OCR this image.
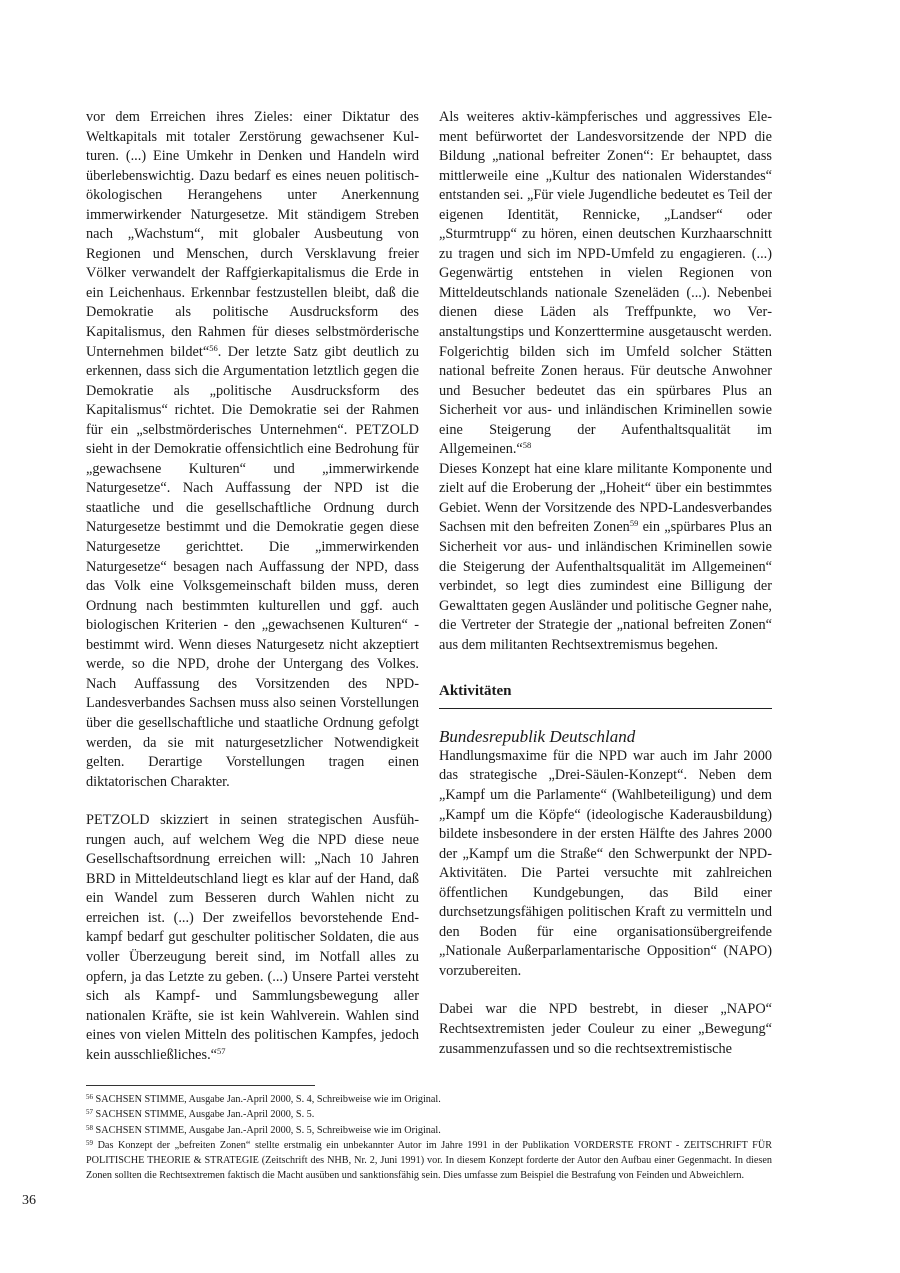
vor dem Erreichen ihres Zieles: einer Diktatur des Weltkapitals mit totaler Zerstörung gewachsener Kulturen. (...) Eine Umkehr in Denken und Handeln wird überlebenswichtig. Dazu bedarf es eines neuen politisch-ökologischen Herangehens unter Anerkennung immerwirkender Naturgesetze. Mit ständigem Streben nach „Wachstum“, mit globaler Ausbeutung von Regionen und Menschen, durch Versklavung freier Völker verwandelt der Raffgierkapitalismus die Erde in ein Leichenhaus. Erkennbar festzustellen bleibt, daß die Demokratie als politische Ausdrucksform des Kapitalismus, den Rahmen für dieses selbstmörderische Unternehmen bildet“$^{56}$. Der letzte Satz gibt deutlich zu erkennen, dass sich die Argumentation letztlich gegen die Demokratie als „politische Ausdrucksform des Kapitalismus“ richtet. Die Demokratie sei der Rahmen für ein „selbstmörderisches Unternehmen“. PETZOLD sieht in der Demokratie offensichtlich eine Bedrohung für „gewachsene Kulturen“ und „immerwirkende Naturgesetze“. Nach Auffassung der NPD ist die staatliche und die gesellschaftliche Ordnung durch Naturgesetze bestimmt und die Demokratie gegen diese Naturgesetze gerichttet. Die „immerwirkenden Naturgesetze“ besagen nach Auffassung der NPD, dass das Volk eine Volksgemeinschaft bilden muss, deren Ordnung nach bestimmten kulturellen und ggf. auch biologischen Kriterien - den „gewachsenen Kulturen“ - bestimmt wird. Wenn dieses Naturgesetz nicht akzeptiert werde, so die NPD, drohe der Untergang des Volkes. Nach Auffassung des Vorsitzenden des NPD-Landesverbandes Sachsen muss also seinen Vorstellungen über die gesellschaftliche und staatliche Ordnung gefolgt werden, da sie mit naturgesetzlicher Notwendigkeit gelten. Derartige Vorstellungen tragen einen diktatorischen Charakter.

PETZOLD skizziert in seinen strategischen Ausführungen auch, auf welchem Weg die NPD diese neue Gesellschaftsordnung erreichen will: „Nach 10 Jahren BRD in Mitteldeutschland liegt es klar auf der Hand, daß ein Wandel zum Besseren durch Wahlen nicht zu erreichen ist. (...) Der zweifellos bevorstehende Endkampf bedarf gut geschulter politischer Soldaten, die aus voller Überzeugung bereit sind, im Notfall alles zu opfern, ja das Letzte zu geben. (...) Unsere Partei versteht sich als Kampf- und Sammlungsbewegung aller nationalen Kräfte, sie ist kein Wahlverein. Wahlen sind eines von vielen Mitteln des politischen Kampfes, jedoch kein ausschließliches.“$^{57}$

Als weiteres aktiv-kämpferisches und aggressives Element befürwortet der Landesvorsitzende der NPD die Bildung „national befreiter Zonen“: Er behauptet, dass mittlerweile eine „Kultur des nationalen Widerstandes“ entstanden sei. „Für viele Jugendliche bedeutet es Teil der eigenen Identität, Rennicke, „Landser“ oder „Sturmtrupp“ zu hören, einen deutschen Kurzhaarschnitt zu tragen und sich im NPD-Umfeld zu engagieren. (...) Gegenwärtig entstehen in vielen Regionen von Mitteldeutschlands nationale Szeneläden (...). Nebenbei dienen diese Läden als Treffpunkte, wo Veranstaltungstips und Konzerttermine ausgetauscht werden. Folgerichtig bilden sich im Umfeld solcher Stätten national befreite Zonen heraus. Für deutsche Anwohner und Besucher bedeutet das ein spürbares Plus an Sicherheit vor aus- und inländischen Kriminellen sowie eine Steigerung der Aufenthaltsqualität im Allgemeinen.“$^{58}$

Dieses Konzept hat eine klare militante Komponente und zielt auf die Eroberung der „Hoheit“ über ein bestimmtes Gebiet. Wenn der Vorsitzende des NPD-Landesverbandes Sachsen mit den befreiten Zonen$^{59}$ ein „spürbares Plus an Sicherheit vor aus- und inländischen Kriminellen sowie die Steigerung der Aufenthaltsqualität im Allgemeinen“ verbindet, so legt dies zumindest eine Billigung der Gewalttaten gegen Ausländer und politische Gegner nahe, die Vertreter der Strategie der „national befreiten Zonen“ aus dem militanten Rechtsextremismus begehen.

Aktivitäten
Bundesrepublik Deutschland

Handlungsmaxime für die NPD war auch im Jahr 2000 das strategische „Drei-Säulen-Konzept“. Neben dem „Kampf um die Parlamente“ (Wahlbeteiligung) und dem „Kampf um die Köpfe“ (ideologische Kaderausbildung) bildete insbesondere in der ersten Hälfte des Jahres 2000 der „Kampf um die Straße“ den Schwerpunkt der NPD-Aktivitäten. Die Partei versuchte mit zahlreichen öffentlichen Kundgebungen, das Bild einer durchsetzungsfähigen politischen Kraft zu vermitteln und den Boden für eine organisationsübergreifende „Nationale Außerparlamentarische Opposition“ (NAPO) vorzubereiten.

Dabei war die NPD bestrebt, in dieser „NAPO“ Rechtsextremisten jeder Couleur zu einer „Bewegung“ zusammenzufassen und so die rechtsextremistische

$^{56}$ SACHSEN STIMME, Ausgabe Jan.-April 2000, S. 4, Schreibweise wie im Original.

$^{57}$ SACHSEN STIMME, Ausgabe Jan.-April 2000, S. 5.

$^{58}$ SACHSEN STIMME, Ausgabe Jan.-April 2000, S. 5, Schreibweise wie im Original.

$^{59}$ Das Konzept der „befreiten Zonen“ stellte erstmalig ein unbekannter Autor im Jahre 1991 in der Publikation VORDERSTE FRONT - ZEITSCHRIFT FÜR POLITISCHE THEORIE & STRATEGIE (Zeitschrift des NHB, Nr. 2, Juni 1991) vor. In diesem Konzept forderte der Autor den Aufbau einer Gegenmacht. In diesen Zonen sollten die Rechtsextremen faktisch die Macht ausüben und sanktionsfähig sein. Dies umfasse zum Beispiel die Bestrafung von Feinden und Abweichlern.

36
